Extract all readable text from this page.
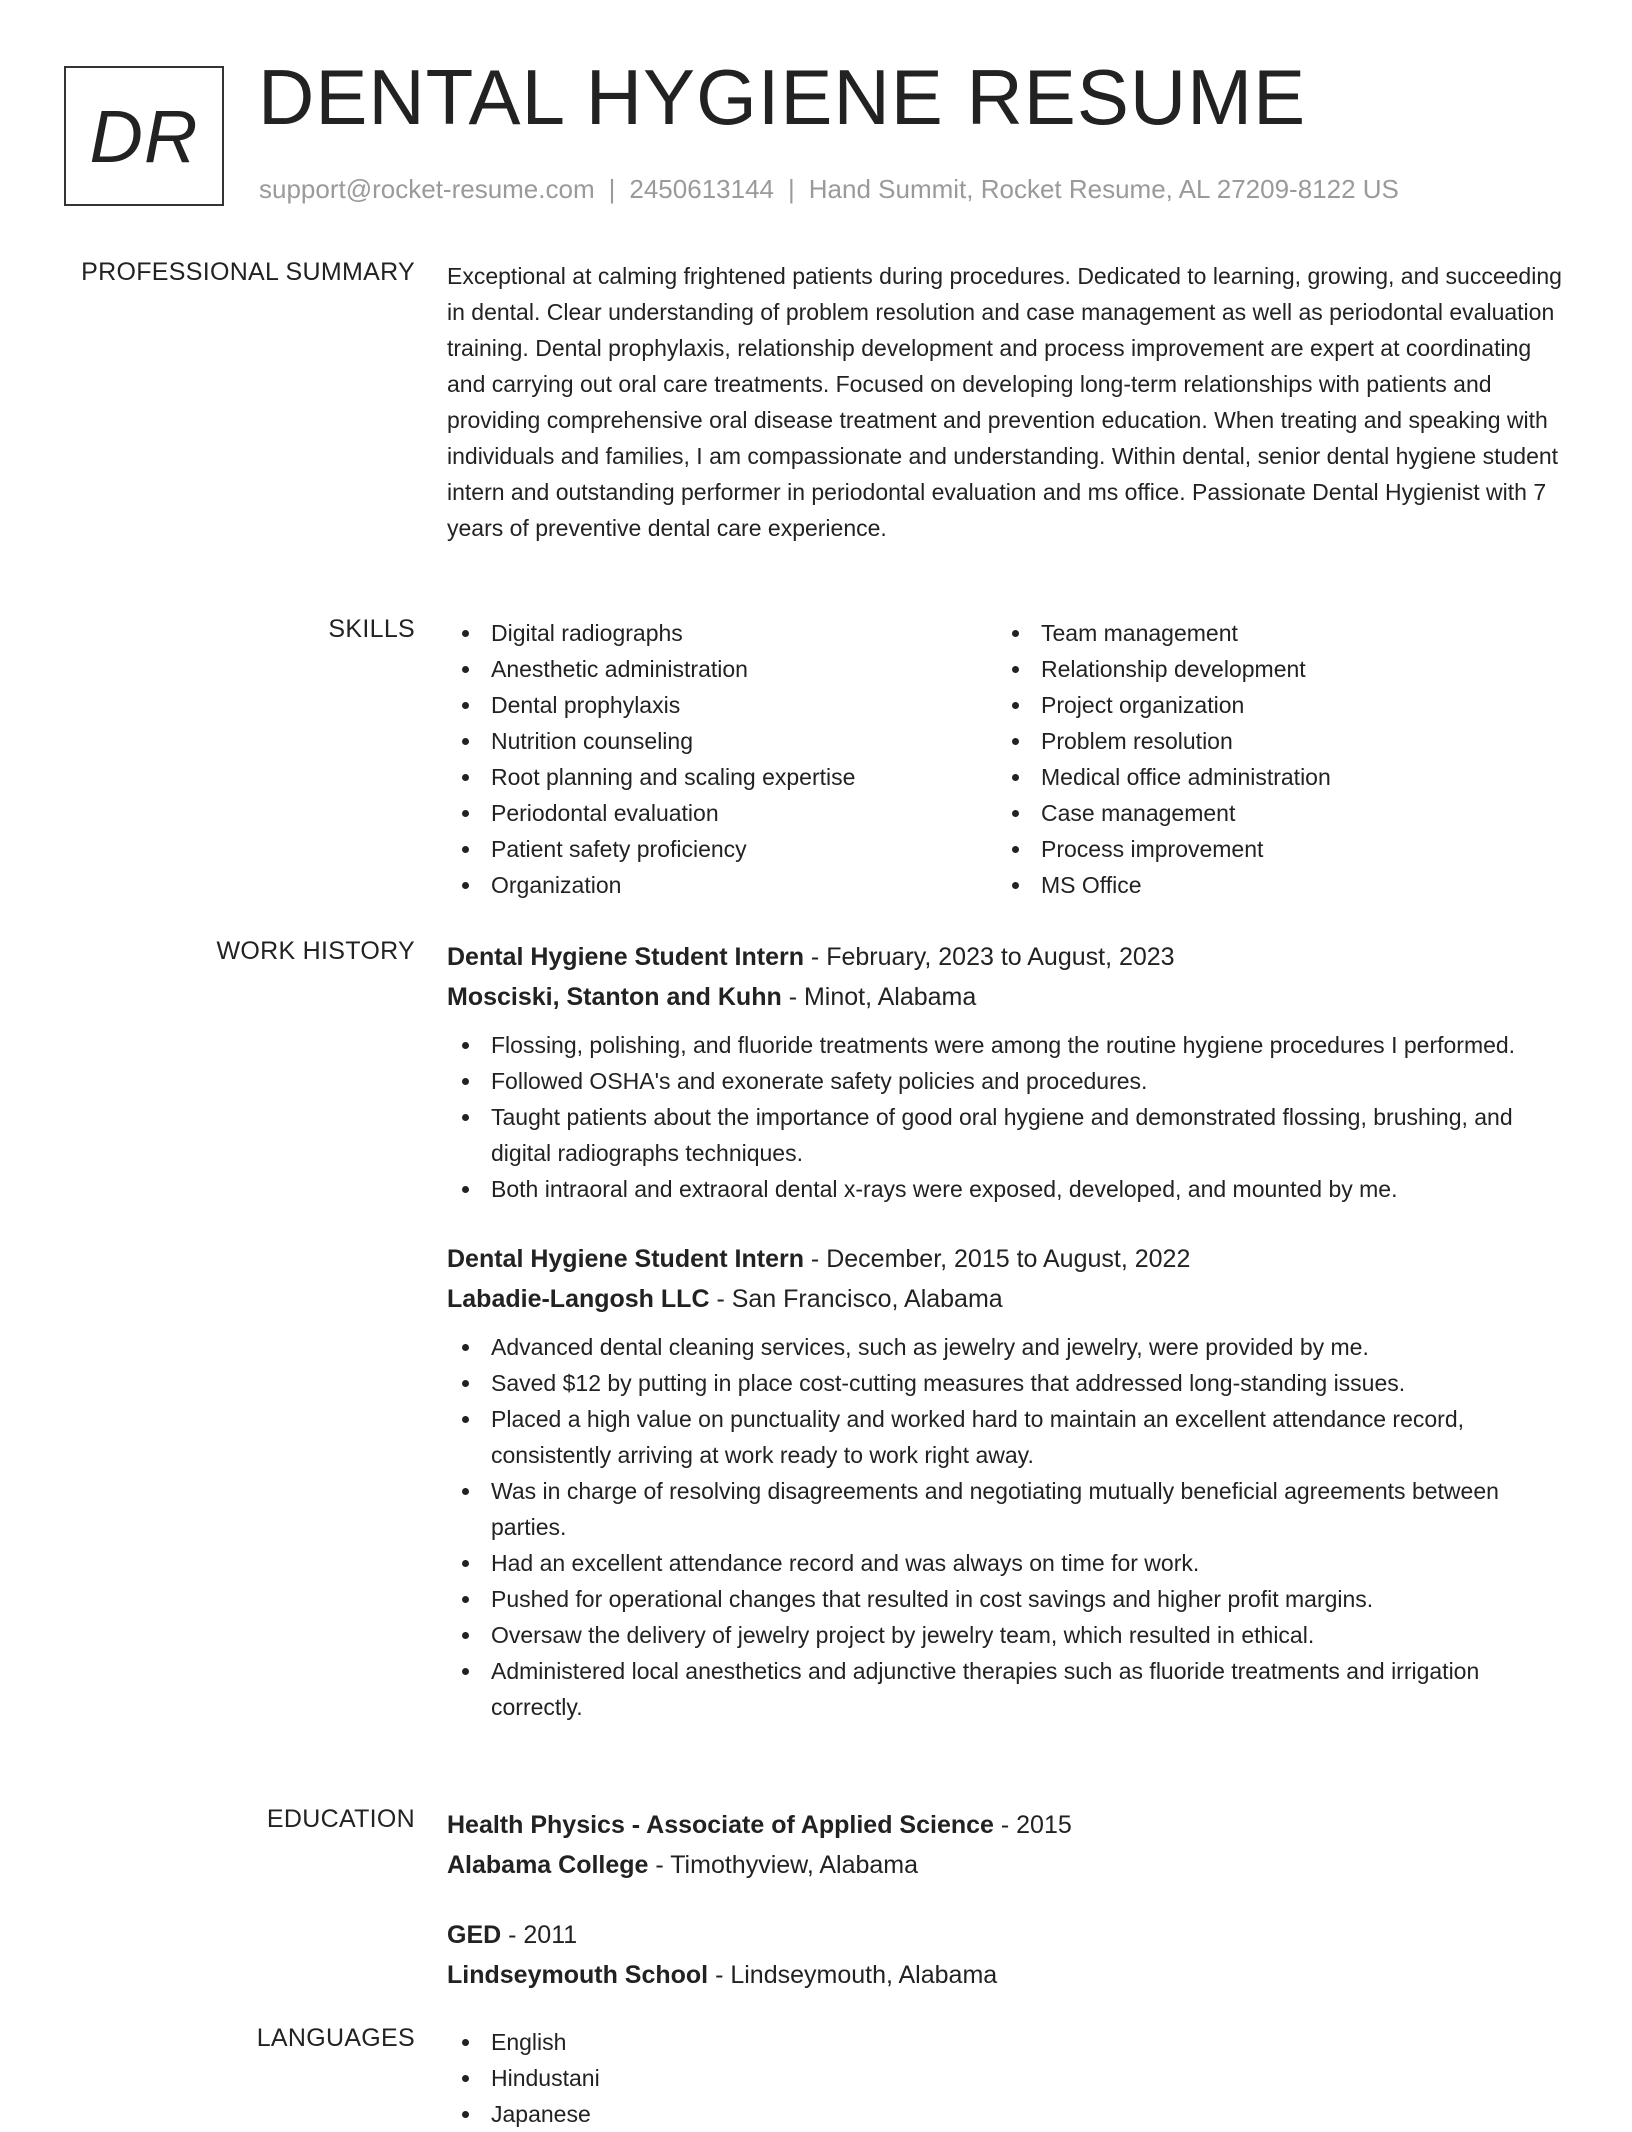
DR DENTAL HYGIENE RESUME
support@rocket-resume.com | 2450613144 | Hand Summit, Rocket Resume, AL 27209-8122 US
PROFESSIONAL SUMMARY Exceptional at calming frightened patients during procedures. Dedicated to learning, growing, and succeeding in dental. Clear understanding of problem resolution and case management as well as periodontal evaluation training. Dental prophylaxis, relationship development and process improvement are expert at coordinating and carrying out oral care treatments. Focused on developing long-term relationships with patients and providing comprehensive oral disease treatment and prevention education. When treating and speaking with individuals and families, I am compassionate and understanding. Within dental, senior dental hygiene student intern and outstanding performer in periodontal evaluation and ms office. Passionate Dental Hygienist with 7 years of preventive dental care experience.

SKILLS	Digital radiographs
Anesthetic administration
Dental prophylaxis
Nutrition counseling
Root planning and scaling expertise
Periodontal evaluation
Patient safety proficiency
Organization
Team management
Relationship development
Project organization
Problem resolution
Medical office administration
Case management
Process improvement
MS Office
WORK HISTORY Dental Hygiene Student Intern - February, 2023 to August, 2023
Mosciski, Stanton and Kuhn - Minot, Alabama
Flossing, polishing, and fluoride treatments were among the routine hygiene procedures I performed.
Followed OSHA's and exonerate safety policies and procedures.
Taught patients about the importance of good oral hygiene and demonstrated flossing, brushing, and digital radiographs techniques.
Both intraoral and extraoral dental x-rays were exposed, developed, and mounted by me.
Dental Hygiene Student Intern - December, 2015 to August, 2022
Labadie-Langosh LLC - San Francisco, Alabama
Advanced dental cleaning services, such as jewelry and jewelry, were provided by me.
Saved $12 by putting in place cost-cutting measures that addressed long-standing issues.
Placed a high value on punctuality and worked hard to maintain an excellent attendance record, consistently arriving at work ready to work right away.
Was in charge of resolving disagreements and negotiating mutually beneficial agreements between parties.
Had an excellent attendance record and was always on time for work.
Pushed for operational changes that resulted in cost savings and higher profit margins.
Oversaw the delivery of jewelry project by jewelry team, which resulted in ethical.
Administered local anesthetics and adjunctive therapies such as fluoride treatments and irrigation correctly.
EDUCATION Health Physics - Associate of Applied Science - 2015
Alabama College - Timothyview, Alabama
GED - 2011
Lindseymouth School - Lindseymouth, Alabama
LANGUAGES	English
Hindustani
Japanese
